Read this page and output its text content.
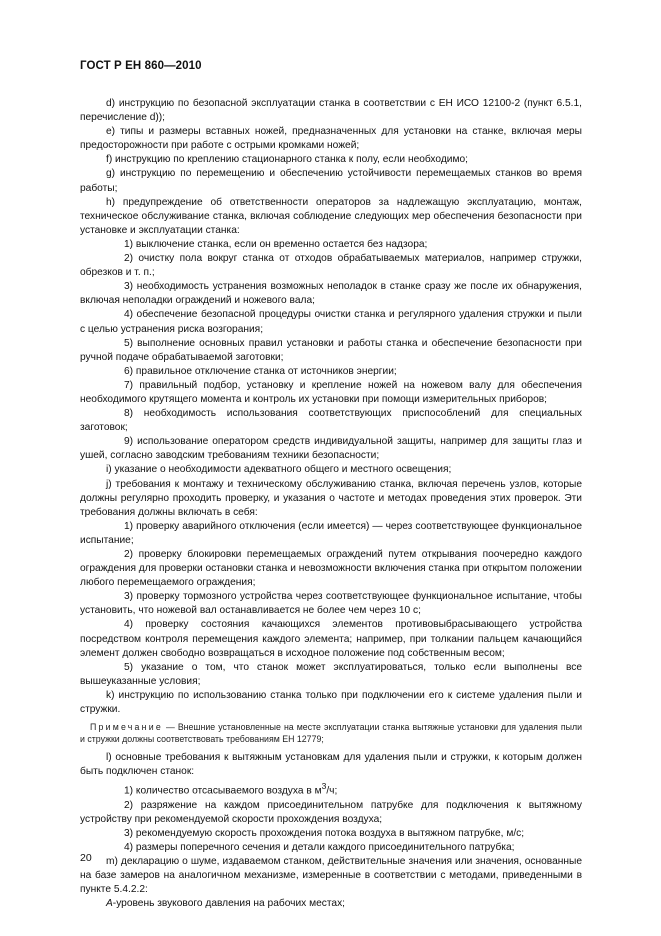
ГОСТ Р ЕН 860—2010

d) инструкцию по безопасной эксплуатации станка в соответствии с ЕН ИСО 12100-2 (пункт 6.5.1, перечисление d));

e) типы и размеры вставных ножей, предназначенных для установки на станке, включая меры предосторожности при работе с острыми кромками ножей;

f) инструкцию по креплению стационарного станка к полу, если необходимо;

g) инструкцию по перемещению и обеспечению устойчивости перемещаемых станков во время работы;

h) предупреждение об ответственности операторов за надлежащую эксплуатацию, монтаж, техническое обслуживание станка, включая соблюдение следующих мер обеспечения безопасности при установке и эксплуатации станка:

1) выключение станка, если он временно остается без надзора;

2) очистку пола вокруг станка от отходов обрабатываемых материалов, например стружки, обрезков и т. п.;

3) необходимость устранения возможных неполадок в станке сразу же после их обнаружения, включая неполадки ограждений и ножевого вала;

4) обеспечение безопасной процедуры очистки станка и регулярного удаления стружки и пыли с целью устранения риска возгорания;

5) выполнение основных правил установки и работы станка и обеспечение безопасности при ручной подаче обрабатываемой заготовки;

6) правильное отключение станка от источников энергии;

7) правильный подбор, установку и крепление ножей на ножевом валу для обеспечения необходимого крутящего момента и контроль их установки при помощи измерительных приборов;

8) необходимость использования соответствующих приспособлений для специальных заготовок;

9) использование оператором средств индивидуальной защиты, например для защиты глаз и ушей, согласно заводским требованиям техники безопасности;

i) указание о необходимости адекватного общего и местного освещения;

j) требования к монтажу и техническому обслуживанию станка, включая перечень узлов, которые должны регулярно проходить проверку, и указания о частоте и методах проведения этих проверок. Эти требования должны включать в себя:

1) проверку аварийного отключения (если имеется) — через соответствующее функциональное испытание;

2) проверку блокировки перемещаемых ограждений путем открывания поочередно каждого ограждения для проверки остановки станка и невозможности включения станка при открытом положении любого перемещаемого ограждения;

3) проверку тормозного устройства через соответствующее функциональное испытание, чтобы установить, что ножевой вал останавливается не более чем через 10 с;

4) проверку состояния качающихся элементов противовыбрасывающего устройства посредством контроля перемещения каждого элемента; например, при толкании пальцем качающийся элемент должен свободно возвращаться в исходное положение под собственным весом;

5) указание о том, что станок может эксплуатироваться, только если выполнены все вышеуказанные условия;

k) инструкцию по использованию станка только при подключении его к системе удаления пыли и стружки.

Примечание — Внешние установленные на месте эксплуатации станка вытяжные установки для удаления пыли и стружки должны соответствовать требованиям ЕН 12779;

l) основные требования к вытяжным установкам для удаления пыли и стружки, к которым должен быть подключен станок:

1) количество отсасываемого воздуха в $м^3/ч$;

2) разряжение на каждом присоединительном патрубке для подключения к вытяжному устройству при рекомендуемой скорости прохождения воздуха;

3) рекомендуемую скорость прохождения потока воздуха в вытяжном патрубке, м/с;

4) размеры поперечного сечения и детали каждого присоединительного патрубка;

m) декларацию о шуме, издаваемом станком, действительные значения или значения, основанные на базе замеров на аналогичном механизме, измеренные в соответствии с методами, приведенными в пункте 5.4.2.2:

А-уровень звукового давления на рабочих местах;

20
